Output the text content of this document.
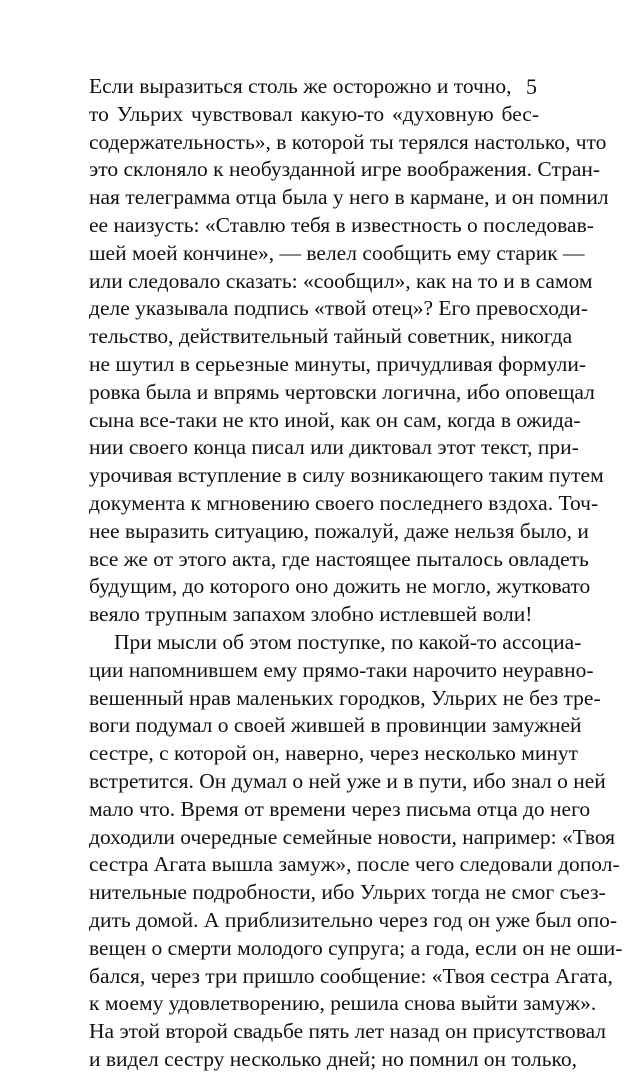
5
Если выразиться столь же осторожно и точно,
то Ульрих чувствовал какую-то «духовную бес-
содержательность», в которой ты терялся настолько, что
это склоняло к необузданной игре воображения. Стран-
ная телеграмма отца была у него в кармане, и он помнил
ее наизусть: «Ставлю тебя в известность о последовав-
шей моей кончине», — велел сообщить ему старик —
или следовало сказать: «сообщил», как на то и в самом
деле указывала подпись «твой отец»? Его превосходи-
тельство, действительный тайный советник, никогда
не шутил в серьезные минуты, причудливая формули-
ровка была и впрямь чертовски логична, ибо оповещал
сына все-таки не кто иной, как он сам, когда в ожида-
нии своего конца писал или диктовал этот текст, при-
урочивая вступление в силу возникающего таким путем
документа к мгновению своего последнего вздоха. Точ-
нее выразить ситуацию, пожалуй, даже нельзя было, и
все же от этого акта, где настоящее пыталось овладеть
будущим, до которого оно дожить не могло, жутковато
веяло трупным запахом злобно истлевшей воли!
При мысли об этом поступке, по какой-то ассоциа-
ции напомнившем ему прямо-таки нарочито неуравно-
вешенный нрав маленьких городков, Ульрих не без тре-
воги подумал о своей жившей в провинции замужней
сестре, с которой он, наверно, через несколько минут
встретится. Он думал о ней уже и в пути, ибо знал о ней
мало что. Время от времени через письма отца до него
доходили очередные семейные новости, например: «Твоя
сестра Агата вышла замуж», после чего следовали допол-
нительные подробности, ибо Ульрих тогда не смог съез-
дить домой. А приблизительно через год он уже был опо-
вещен о смерти молодого супруга; а года, если он не оши-
бался, через три пришло сообщение: «Твоя сестра Агата,
к моему удовлетворению, решила снова выйти замуж».
На этой второй свадьбе пять лет назад он присутствовал
и видел сестру несколько дней; но помнил он только,
